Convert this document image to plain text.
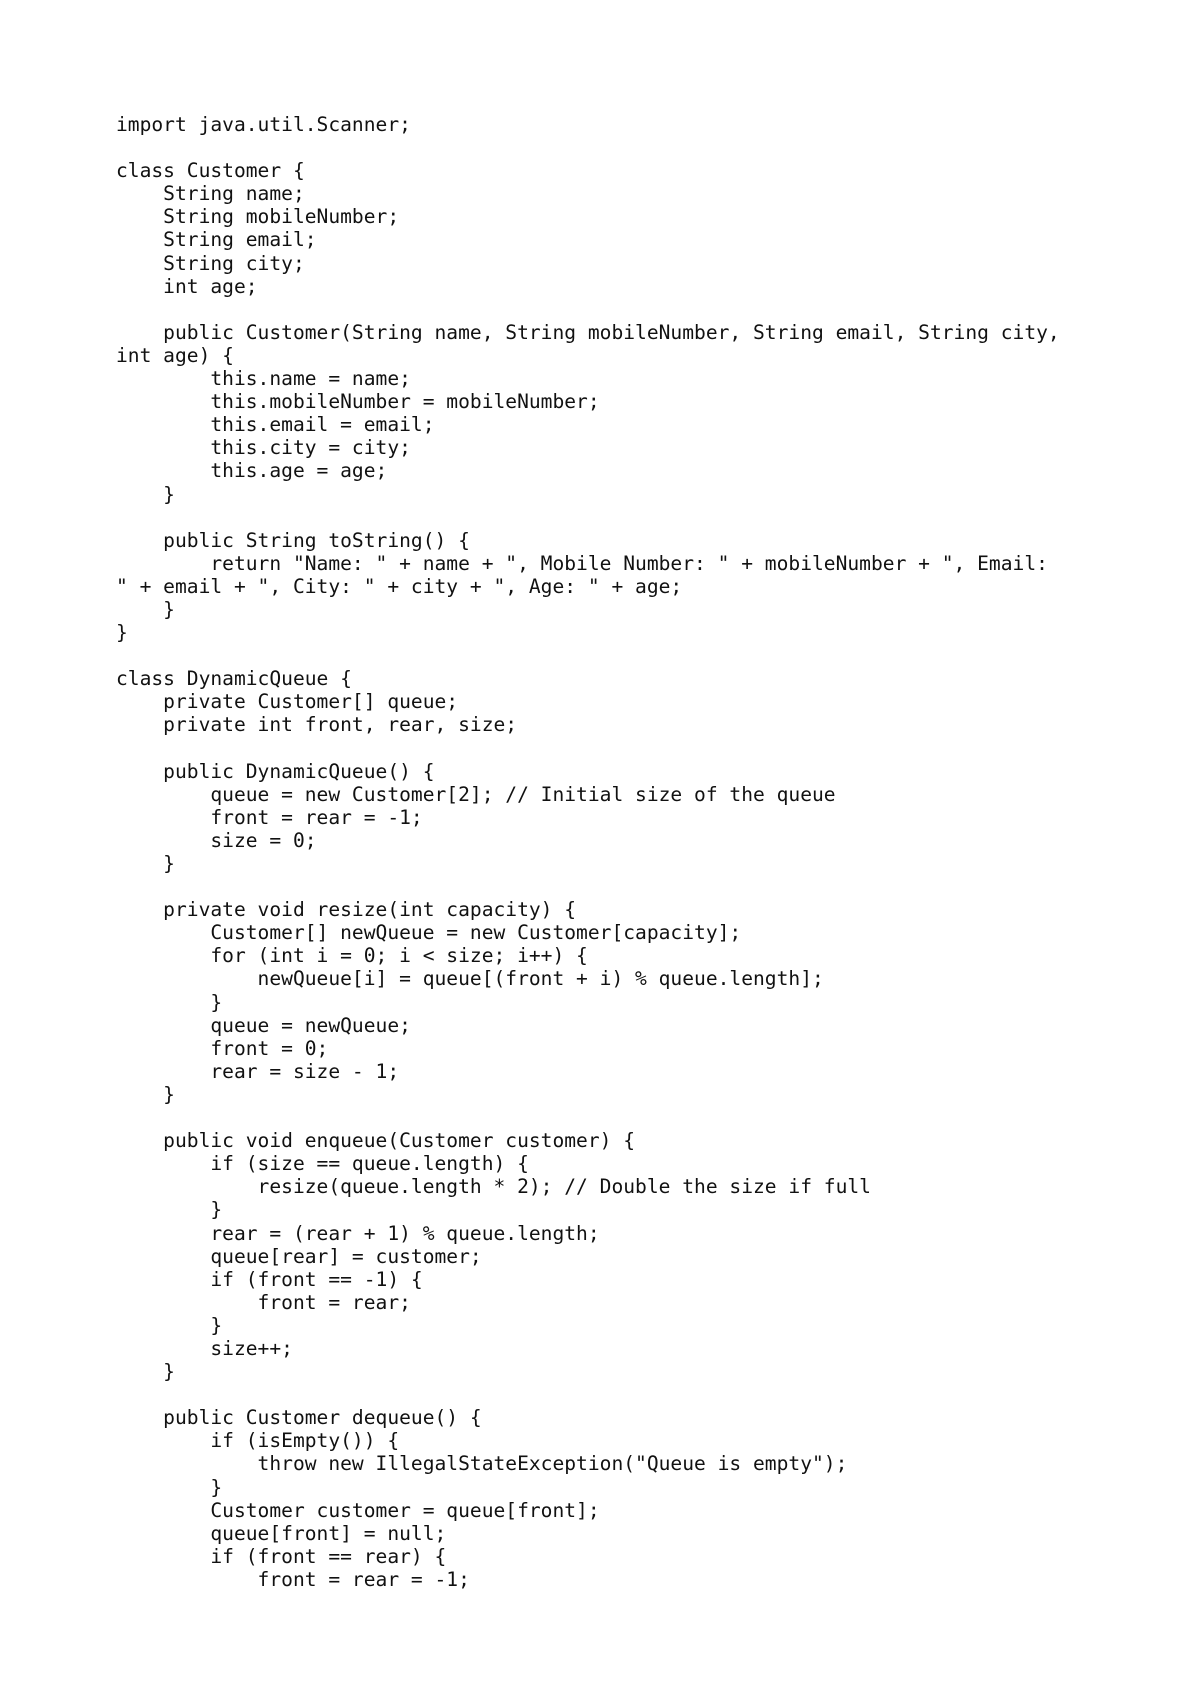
import java.util.Scanner;
class Customer {
String name;
String mobileNumber;
String email;
String city;
int age;
public Customer(String name, String mobileNumber, String email, String city,
int age) {
this.name = name;
this.mobileNumber = mobileNumber;
this.email = email;
this.city = city;
this.age = age;
}
public String toString() {
return "Name: " + name + ", Mobile Number: " + mobileNumber + ", Email:
" + email + ", City: " + city + ", Age: " + age;
}
}
class DynamicQueue {
private Customer[] queue;
private int front, rear, size;
public DynamicQueue() {
queue = new Customer[2]; // Initial size of the queue
front = rear = -1;
size = 0;
}
private void resize(int capacity) {
Customer[] newQueue = new Customer[capacity];
for (int i = 0; i < size; i++) {
newQueue[i] = queue[(front + i) % queue.length];
}
queue = newQueue;
front = 0;
rear = size - 1;
}
public void enqueue(Customer customer) {
if (size == queue.length) {
resize(queue.length * 2); // Double the size if full
}
rear = (rear + 1) % queue.length;
queue[rear] = customer;
if (front == -1) {
front = rear;
}
size++;
}
public Customer dequeue() {
if (isEmpty()) {
throw new IllegalStateException("Queue is empty");
}
Customer customer = queue[front];
queue[front] = null;
if (front == rear) {
front = rear = -1;
